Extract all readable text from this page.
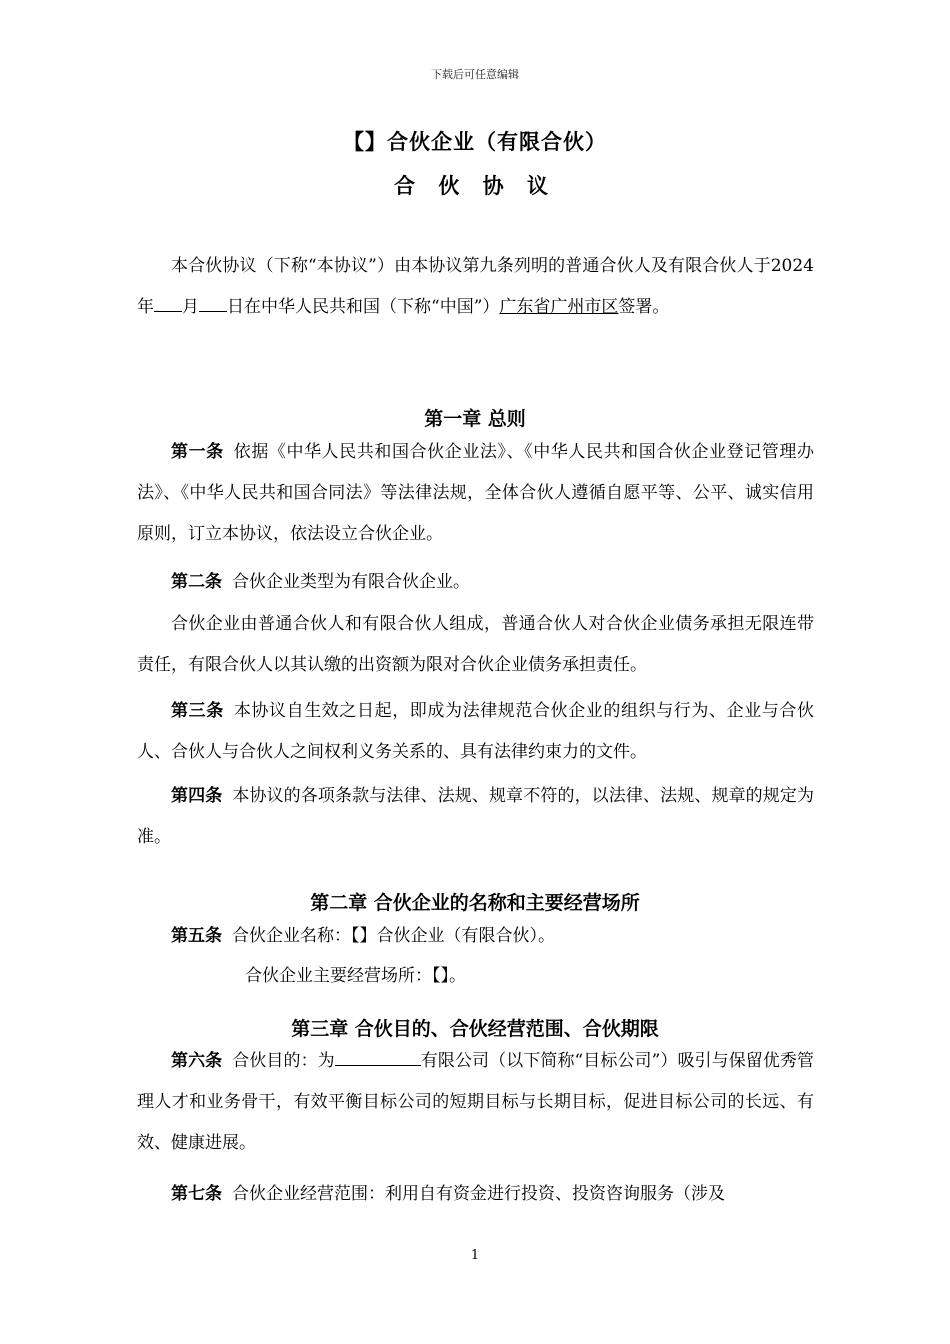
下载后可任意编辑
【】合伙企业（有限合伙）
合 伙 协 议

本合伙协议（下称“本协议”）由本协议第九条列明的普通合伙人及有限合伙人于2024年 月 日在中华人民共和国（下称“中国”）广东省广州市区签署。

第一章 总则

第一条 依据《中华人民共和国合伙企业法》、《中华人民共和国合伙企业登记管理办法》、《中华人民共和国合同法》等法律法规，全体合伙人遵循自愿平等、公平、诚实信用原则，订立本协议，依法设立合伙企业。

第二条 合伙企业类型为有限合伙企业。

合伙企业由普通合伙人和有限合伙人组成，普通合伙人对合伙企业债务承担无限连带责任，有限合伙人以其认缴的出资额为限对合伙企业债务承担责任。

第三条 本协议自生效之日起，即成为法律规范合伙企业的组织与行为、企业与合伙人、合伙人与合伙人之间权利义务关系的、具有法律约束力的文件。

第四条 本协议的各项条款与法律、法规、规章不符的，以法律、法规、规章的规定为准。

第二章 合伙企业的名称和主要经营场所

第五条 合伙企业名称：【】合伙企业（有限合伙）。

合伙企业主要经营场所：【】。

第三章 合伙目的、合伙经营范围、合伙期限

第六条 合伙目的：为	有限公司（以下简称“目标公司”）吸引与保留优秀管理人才和业务骨干，有效平衡目标公司的短期目标与长期目标，促进目标公司的长远、有效、健康进展。

第七条 合伙企业经营范围：利用自有资金进行投资、投资咨询服务（涉及

1
